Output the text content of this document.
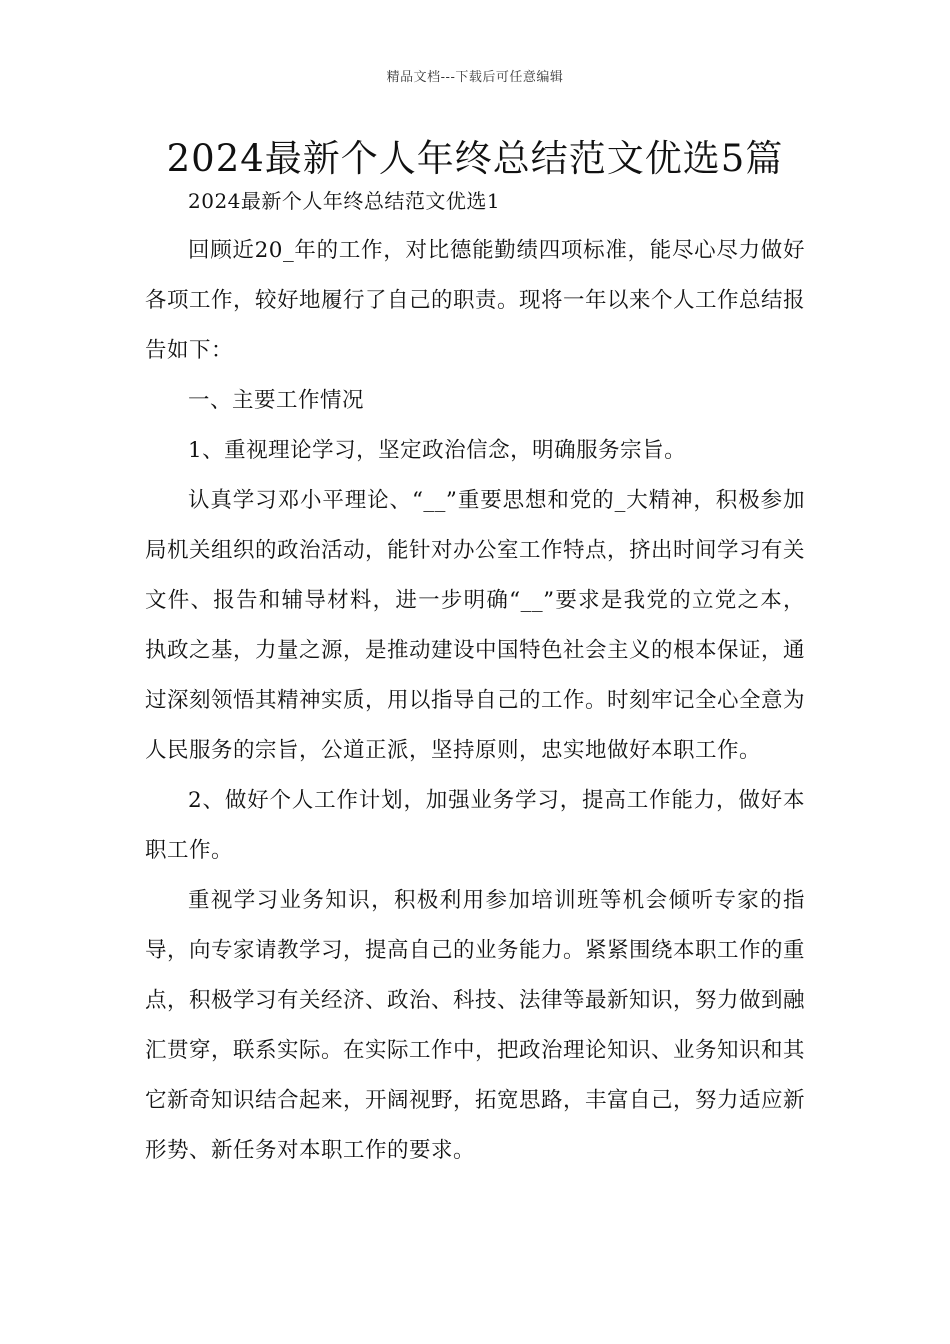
精品文档---下载后可任意编辑
2024最新个人年终总结范文优选5篇

2024最新个人年终总结范文优选1

回顾近20_年的工作，对比德能勤绩四项标准，能尽心尽力做好各项工作，较好地履行了自己的职责。现将一年以来个人工作总结报告如下：

一、主要工作情况

1、重视理论学习，坚定政治信念，明确服务宗旨。

认真学习邓小平理论、“__”重要思想和党的_大精神，积极参加局机关组织的政治活动，能针对办公室工作特点，挤出时间学习有关文件、报告和辅导材料，进一步明确“__”要求是我党的立党之本，执政之基，力量之源，是推动建设中国特色社会主义的根本保证，通过深刻领悟其精神实质，用以指导自己的工作。时刻牢记全心全意为人民服务的宗旨，公道正派，坚持原则，忠实地做好本职工作。

2、做好个人工作计划，加强业务学习，提高工作能力，做好本职工作。

重视学习业务知识，积极利用参加培训班等机会倾听专家的指导，向专家请教学习，提高自己的业务能力。紧紧围绕本职工作的重点，积极学习有关经济、政治、科技、法律等最新知识，努力做到融汇贯穿，联系实际。在实际工作中，把政治理论知识、业务知识和其它新奇知识结合起来，开阔视野，拓宽思路，丰富自己，努力适应新形势、新任务对本职工作的要求。
